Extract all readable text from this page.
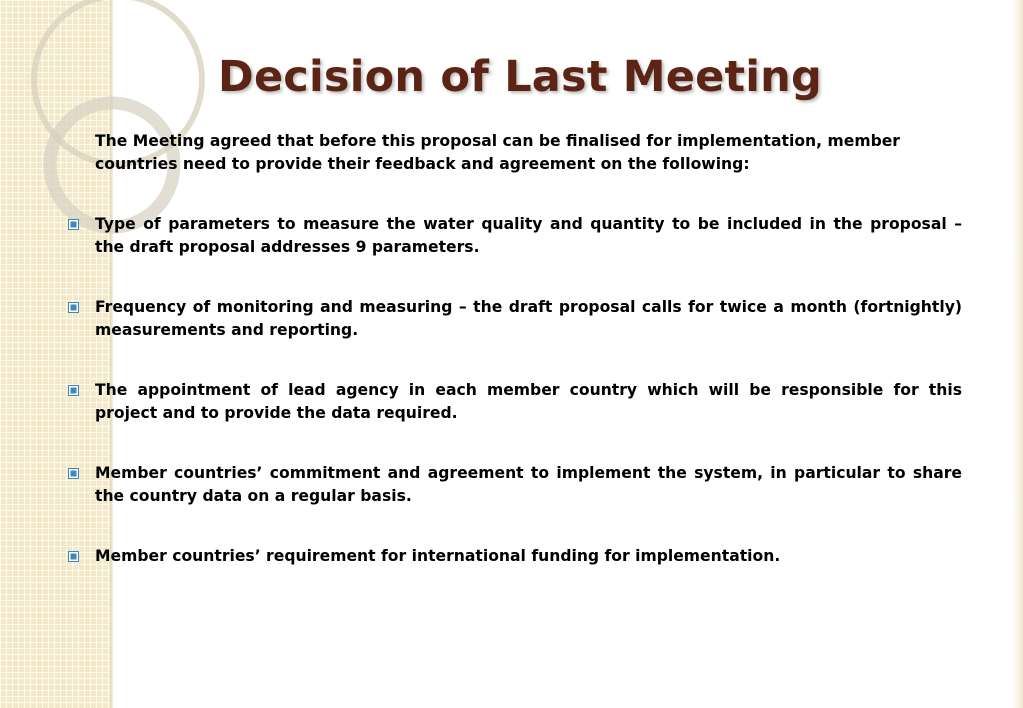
Decision of Last Meeting

The Meeting agreed that before this proposal can be finalised for implementation, member countries need to provide their feedback and agreement on the following:

Type of parameters to measure the water quality and quantity to be included in the proposal – the draft proposal addresses 9 parameters.
Frequency of monitoring and measuring – the draft proposal calls for twice a month (fortnightly) measurements and reporting.
The appointment of lead agency in each member country which will be responsible for this project and to provide the data required.
Member countries’ commitment and agreement to implement the system, in particular to share the country data on a regular basis.
Member countries’ requirement for international funding for implementation.
